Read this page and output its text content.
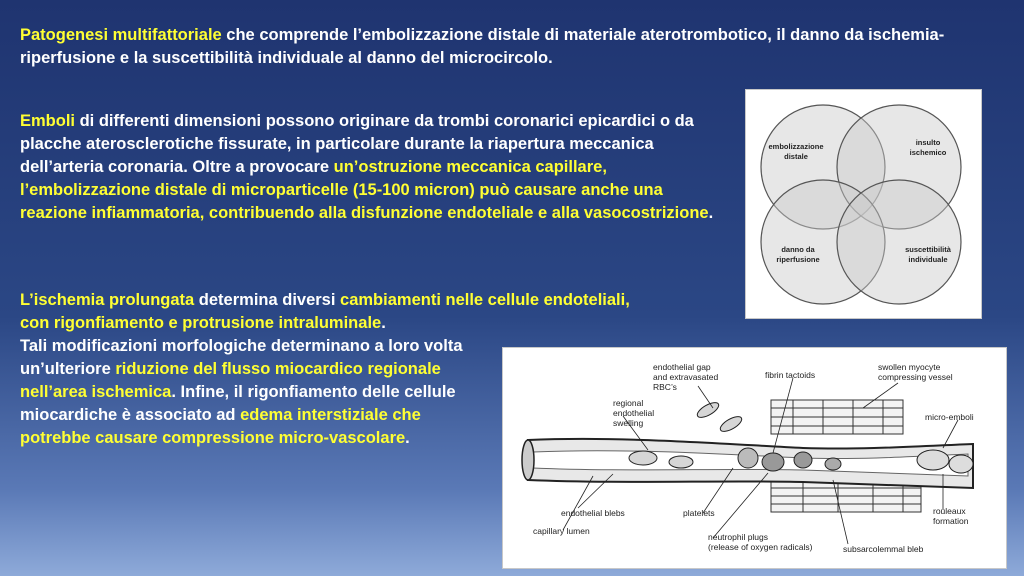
Patogenesi multifattoriale che comprende l’embolizzazione distale di materiale aterotrombotico, il danno da ischemia-riperfusione e la suscettibilità individuale al danno del microcircolo.

Emboli di differenti dimensioni possono originare da trombi coronarici epicardici o da placche aterosclerotiche fissurate, in particolare durante la riapertura meccanica dell’arteria coronaria. Oltre a provocare un’ostruzione meccanica capillare, l’embolizzazione distale di microparticelle (15-100 micron) può causare anche una reazione infiammatoria, contribuendo alla disfunzione endoteliale e alla vasocostrizione.

L’ischemia prolungata determina diversi cambiamenti nelle cellule endoteliali, con rigonfiamento e protrusione intraluminale.

Tali modificazioni morfologiche determinano a loro volta un’ulteriore riduzione del flusso miocardico regionale nell’area ischemica. Infine, il rigonfiamento delle cellule miocardiche è associato ad edema interstiziale che potrebbe causare compressione micro-vascolare.

embolizzazione
distale
insulto
ischemico
danno da
riperfusione
suscettibilità
individuale
endothelial gap
and extravasated
RBC’s
fibrin tactoids
swollen myocyte
compressing vessel
regional
endothelial
swelling
micro-emboli
endothelial blebs	platelets	rouleaux
formation
capillary lumen
neutrophil plugs
(release of oxygen radicals)	subsarcolemmal bleb
